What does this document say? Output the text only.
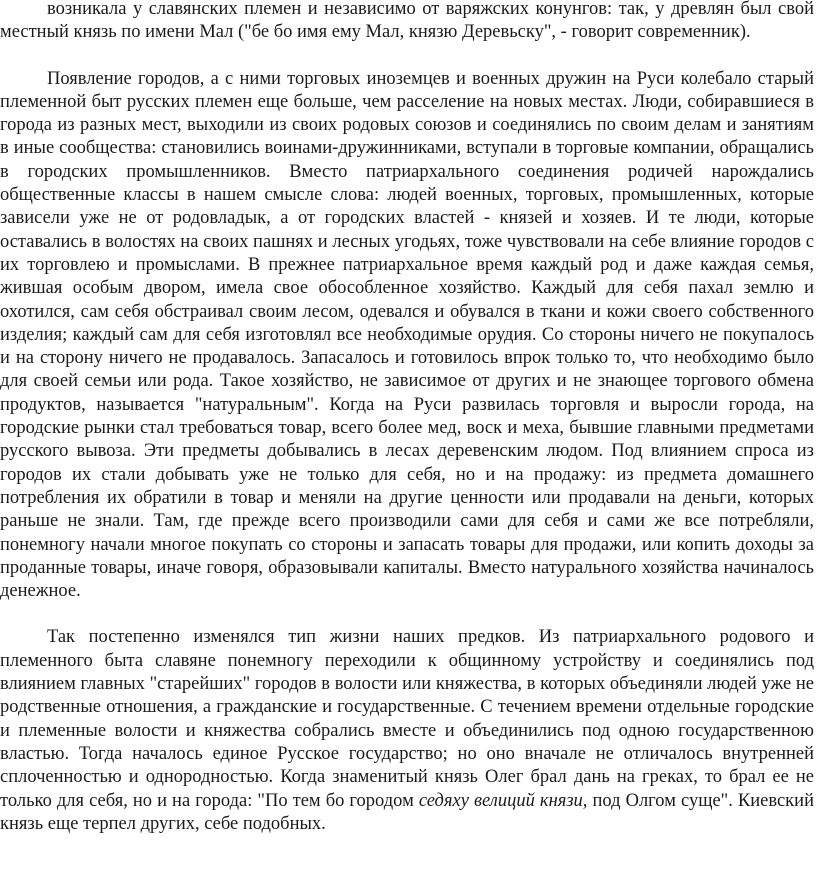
возникала у славянских племен и независимо от варяжских конунгов: так, у древлян был свой местный князь по имени Мал ("бе бо имя ему Мал, князю Деревьску", - говорит современник).

Появление городов, а с ними торговых иноземцев и военных дружин на Руси колебало старый племенной быт русских племен еще больше, чем расселение на новых местах. Люди, собиравшиеся в города из разных мест, выходили из своих родовых союзов и соединялись по своим делам и занятиям в иные сообщества: становились воинами-дружинниками, вступали в торговые компании, обращались в городских промышленников. Вместо патриархального соединения родичей нарождались общественные классы в нашем смысле слова: людей военных, торговых, промышленных, которые зависели уже не от родовладык, а от городских властей - князей и хозяев. И те люди, которые оставались в волостях на своих пашнях и лесных угодьях, тоже чувствовали на себе влияние городов с их торговлею и промыслами. В прежнее патриархальное время каждый род и даже каждая семья, жившая особым двором, имела свое обособленное хозяйство. Каждый для себя пахал землю и охотился, сам себя обстраивал своим лесом, одевался и обувался в ткани и кожи своего собственного изделия; каждый сам для себя изготовлял все необходимые орудия. Со стороны ничего не покупалось и на сторону ничего не продавалось. Запасалось и готовилось впрок только то, что необходимо было для своей семьи или рода. Такое хозяйство, не зависимое от других и не знающее торгового обмена продуктов, называется "натуральным". Когда на Руси развилась торговля и выросли города, на городские рынки стал требоваться товар, всего более мед, воск и меха, бывшие главными предметами русского вывоза. Эти предметы добывались в лесах деревенским людом. Под влиянием спроса из городов их стали добывать уже не только для себя, но и на продажу: из предмета домашнего потребления их обратили в товар и меняли на другие ценности или продавали на деньги, которых раньше не знали. Там, где прежде всего производили сами для себя и сами же все потребляли, понемногу начали многое покупать со стороны и запасать товары для продажи, или копить доходы за проданные товары, иначе говоря, образовывали капиталы. Вместо натурального хозяйства начиналось денежное.

Так постепенно изменялся тип жизни наших предков. Из патриархального родового и племенного быта славяне понемногу переходили к общинному устройству и соединялись под влиянием главных "старейших" городов в волости или княжества, в которых объединяли людей уже не родственные отношения, а гражданские и государственные. С течением времени отдельные городские и племенные волости и княжества собрались вместе и объединились под одною государственною властью. Тогда началось единое Русское государство; но оно вначале не отличалось внутренней сплоченностью и однородностью. Когда знаменитый князь Олег брал дань на греках, то брал ее не только для себя, но и на города: "По тем бо городом седяху велиций князи, под Олгом суще". Киевский князь еще терпел других, себе подобных.
